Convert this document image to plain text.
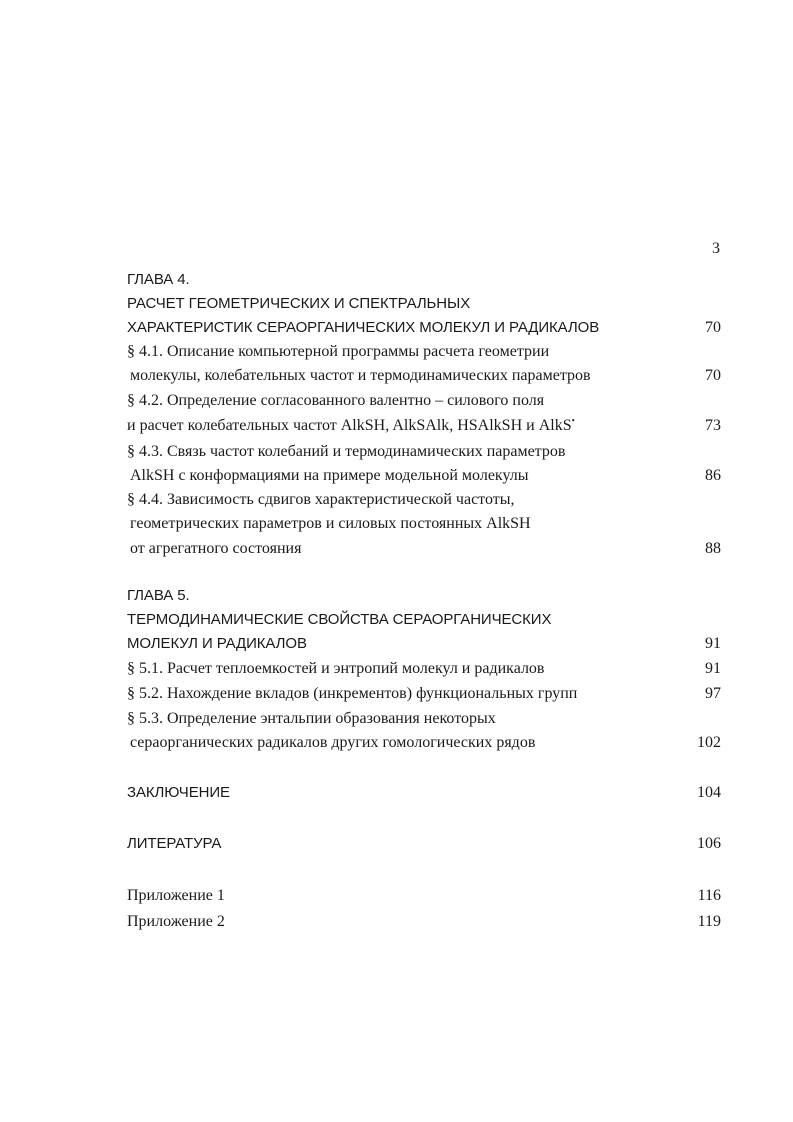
3
ГЛАВА 4.
РАСЧЕТ ГЕОМЕТРИЧЕСКИХ И СПЕКТРАЛЬНЫХ
ХАРАКТЕРИСТИК СЕРАОРГАНИЧЕСКИХ МОЛЕКУЛ И РАДИКАЛОВ	70
§ 4.1. Описание компьютерной программы расчета геометрии
молекулы, колебательных частот и термодинамических параметров	70
§ 4.2. Определение согласованного валентно – силового поля
и расчет колебательных частот AlkSH, AlkSAlk, HSAlkSH и AlkS•	73
§ 4.3. Связь частот колебаний и термодинамических параметров
AlkSH с конформациями на примере модельной молекулы	86
§ 4.4. Зависимость сдвигов характеристической частоты,
геометрических параметров и силовых постоянных AlkSH
от агрегатного состояния	88
ГЛАВА 5.
ТЕРМОДИНАМИЧЕСКИЕ СВОЙСТВА СЕРАОРГАНИЧЕСКИХ
МОЛЕКУЛ И РАДИКАЛОВ	91
§ 5.1. Расчет теплоемкостей и энтропий молекул и радикалов	91
§ 5.2. Нахождение вкладов (инкрементов) функциональных групп	97
§ 5.3. Определение энтальпии образования некоторых
сераорганических радикалов других гомологических рядов	102
ЗАКЛЮЧЕНИЕ	104
ЛИТЕРАТУРА	106
Приложение 1	116
Приложение 2	119
